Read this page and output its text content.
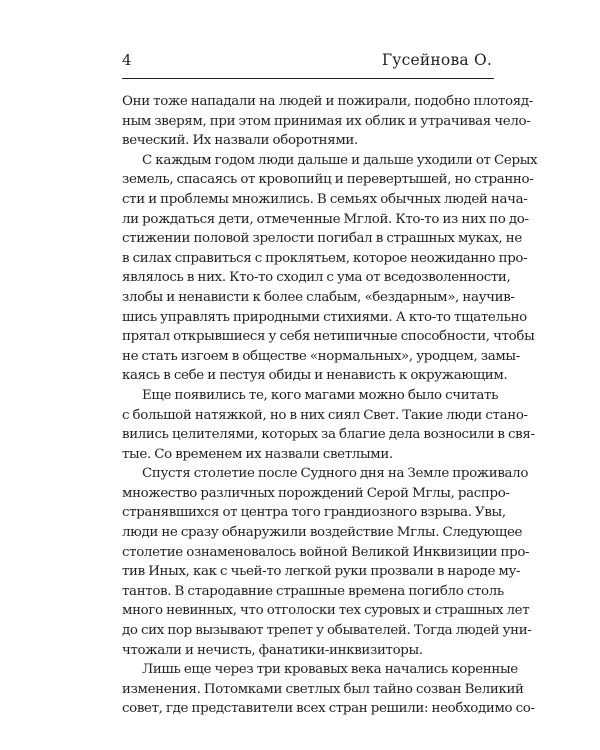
4	Гусейнова О.
Они тоже нападали на людей и пожирали, подобно плотояд-
ным зверям, при этом принимая их облик и утрачивая чело-
веческий. Их назвали оборотнями.
С каждым годом люди дальше и дальше уходили от Серых
земель, спасаясь от кровопийц и перевертышей, но странно-
сти и проблемы множились. В семьях обычных людей нача-
ли рождаться дети, отмеченные Мглой. Кто-то из них по до-
стижении половой зрелости погибал в страшных муках, не
в силах справиться с проклятьем, которое неожиданно про-
являлось в них. Кто-то сходил с ума от вседозволенности,
злобы и ненависти к более слабым, «бездарным», научив-
шись управлять природными стихиями. А кто-то тщательно
прятал открывшиеся у себя нетипичные способности, чтобы
не стать изгоем в обществе «нормальных», уродцем, замы-
каясь в себе и пестуя обиды и ненависть к окружающим.
Еще появились те, кого магами можно было считать
с большой натяжкой, но в них сиял Свет. Такие люди стано-
вились целителями, которых за благие дела возносили в свя-
тые. Со временем их назвали светлыми.
Спустя столетие после Судного дня на Земле проживало
множество различных порождений Серой Мглы, распро-
странявшихся от центра того грандиозного взрыва. Увы,
люди не сразу обнаружили воздействие Мглы. Следующее
столетие ознаменовалось войной Великой Инквизиции про-
тив Иных, как с чьей-то легкой руки прозвали в народе му-
тантов. В стародавние страшные времена погибло столь
много невинных, что отголоски тех суровых и страшных лет
до сих пор вызывают трепет у обывателей. Тогда людей уни-
чтожали и нечисть, фанатики-инквизиторы.
Лишь еще через три кровавых века начались коренные
изменения. Потомками светлых был тайно созван Великий
совет, где представители всех стран решили: необходимо со-
